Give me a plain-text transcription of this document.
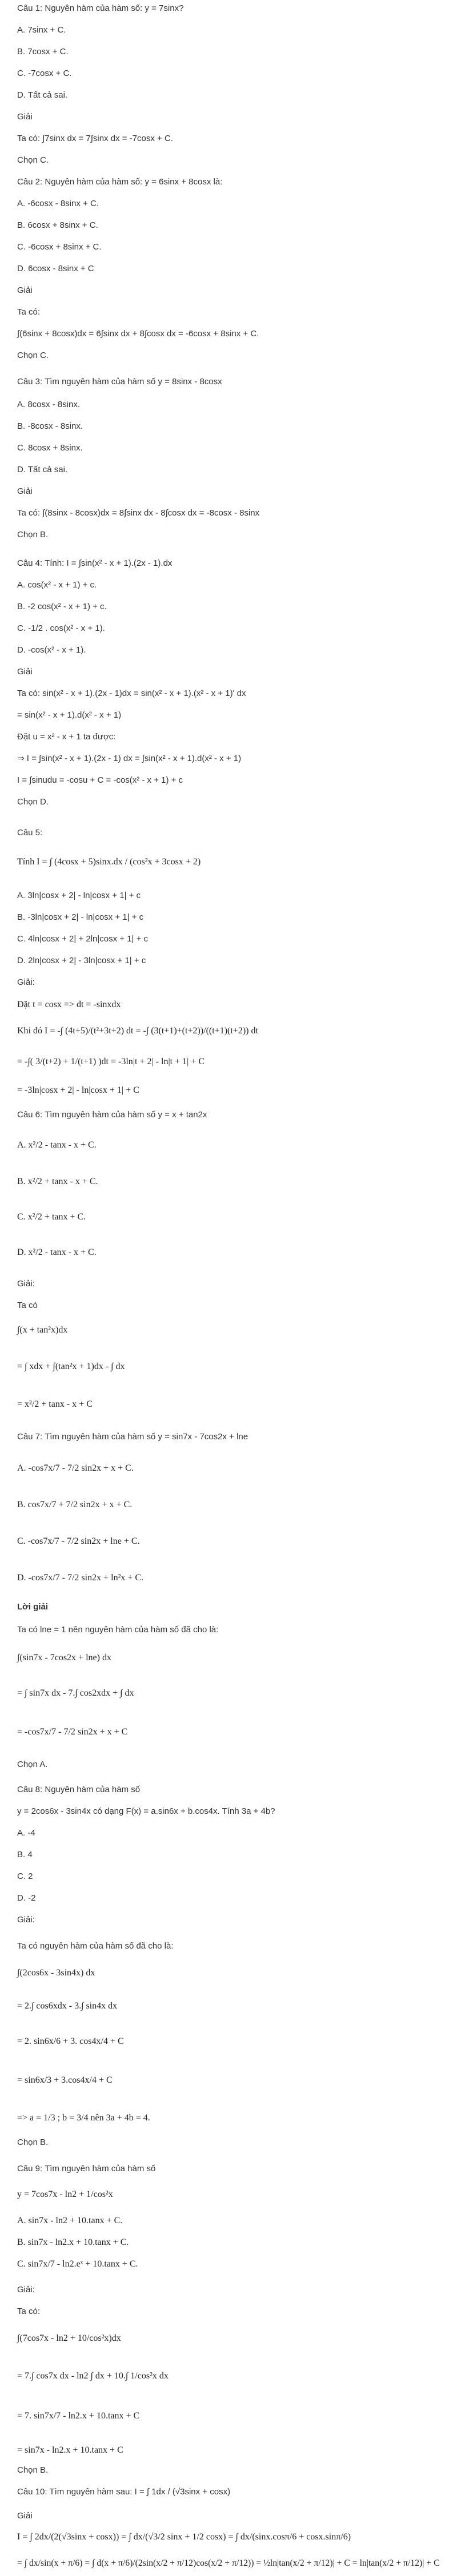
Câu 1: Nguyên hàm của hàm số: y = 7sinx?
A. 7sinx + C.
B. 7cosx + C.
C. -7cosx + C.
D. Tất cả sai.
Giải
Ta có: ∫7sinx dx = 7∫sinx dx = -7cosx + C.
Chọn C.
Câu 2: Nguyên hàm của hàm số: y = 6sinx + 8cosx là:
A. -6cosx - 8sinx + C.
B. 6cosx + 8sinx + C.
C. -6cosx + 8sinx + C.
D. 6cosx - 8sinx + C
Giải
Ta có:
∫(6sinx + 8cosx)dx = 6∫sinx dx + 8∫cosx dx = -6cosx + 8sinx + C.
Chọn C.
Câu 3: Tìm nguyên hàm của hàm số y = 8sinx - 8cosx
A. 8cosx - 8sinx.
B. -8cosx - 8sinx.
C. 8cosx + 8sinx.
D. Tất cả sai.
Giải
Ta có: ∫(8sinx - 8cosx)dx = 8∫sinx dx - 8∫cosx dx = -8cosx - 8sinx
Chọn B.
Câu 4: Tính: I = ∫sin(x² - x + 1).(2x - 1).dx
A. cos(x² - x + 1) + c.
B. -2 cos(x² - x + 1) + c.
C. -1/2 . cos(x² - x + 1).
D. -cos(x² - x + 1).
Giải
Ta có: sin(x² - x + 1).(2x - 1)dx = sin(x² - x + 1).(x² - x + 1)' dx
= sin(x² - x + 1).d(x² - x + 1)
Đặt u = x² - x + 1 ta được:
⇒ I = ∫sin(x² - x + 1).(2x - 1) dx = ∫sin(x² - x + 1).d(x² - x + 1)
I = ∫sinudu = -cosu + C = -cos(x² - x + 1) + c
Chọn D.
Câu 5:
Tính I = ∫ (4cosx + 5)sinx.dx / (cos²x + 3cosx + 2)
A. 3ln|cosx + 2| - ln|cosx + 1| + c
B. -3ln|cosx + 2| - ln|cosx + 1| + c
C. 4ln|cosx + 2| + 2ln|cosx + 1| + c
D. 2ln|cosx + 2| - 3ln|cosx + 1| + c
Giải:
Đặt t = cosx => dt = -sinxdx
Khi đó I = -∫ (4t+5)/(t²+3t+2) dt = -∫ (3(t+1)+(t+2))/((t+1)(t+2)) dt
= -∫( 3/(t+2) + 1/(t+1) )dt = -3ln|t + 2| - ln|t + 1| + C
= -3ln|cosx + 2| - ln|cosx + 1| + C
Câu 6: Tìm nguyên hàm của hàm số y = x + tan2x
A. x²/2 - tanx - x + C.
B. x²/2 + tanx - x + C.
C. x²/2 + tanx + C.
D. x²/2 - tanx - x + C.
Giải:
Ta có
∫(x + tan²x)dx
= ∫ xdx + ∫(tan²x + 1)dx - ∫ dx
= x²/2 + tanx - x + C
Câu 7: Tìm nguyên hàm của hàm số y = sin7x - 7cos2x + lne
A. -cos7x/7 - 7/2 sin2x + x + C.
B. cos7x/7 + 7/2 sin2x + x + C.
C. -cos7x/7 - 7/2 sin2x + lne + C.
D. -cos7x/7 - 7/2 sin2x + ln²x + C.
Lời giải
Ta có lne = 1 nên nguyên hàm của hàm số đã cho là:
∫(sin7x - 7cos2x + lne) dx
= ∫ sin7x dx - 7.∫ cos2xdx + ∫ dx
= -cos7x/7 - 7/2 sin2x + x + C
Chọn A.
Câu 8: Nguyên hàm của hàm số
y = 2cos6x - 3sin4x có dạng F(x) = a.sin6x + b.cos4x. Tính 3a + 4b?
A. -4
B. 4
C. 2
D. -2
Giải:
Ta có nguyên hàm của hàm số đã cho là:
∫(2cos6x - 3sin4x) dx
= 2.∫ cos6xdx - 3.∫ sin4x dx
= 2. sin6x/6 + 3. cos4x/4 + C
= sin6x/3 + 3.cos4x/4 + C
=> a = 1/3 ; b = 3/4 nên 3a + 4b = 4.
Chọn B.
Câu 9: Tìm nguyên hàm của hàm số
y = 7cos7x - ln2 + 1/cos²x
A. sin7x - ln2 + 10.tanx + C.
B. sin7x - ln2.x + 10.tanx + C.
C. sin7x/7 - ln2.eˣ + 10.tanx + C.
Giải:
Ta có:
∫(7cos7x - ln2 + 10/cos²x)dx
= 7.∫ cos7x dx - ln2 ∫ dx + 10.∫ 1/cos²x dx
= 7. sin7x/7 - ln2.x + 10.tanx + C
= sin7x - ln2.x + 10.tanx + C
Chọn B.
Câu 10: Tìm nguyên hàm sau: I = ∫ 1dx / (√3sinx + cosx)
Giải
I = ∫ 2dx/(2(√3sinx + cosx)) = ∫ dx/(√3/2 sinx + 1/2 cosx) = ∫ dx/(sinx.cosπ/6 + cosx.sinπ/6)
= ∫ dx/sin(x + π/6) = ∫ d(x + π/6)/(2sin(x/2 + π/12)cos(x/2 + π/12)) = ½ln|tan(x/2 + π/12)| + C = ln|tan(x/2 + π/12)| + C
